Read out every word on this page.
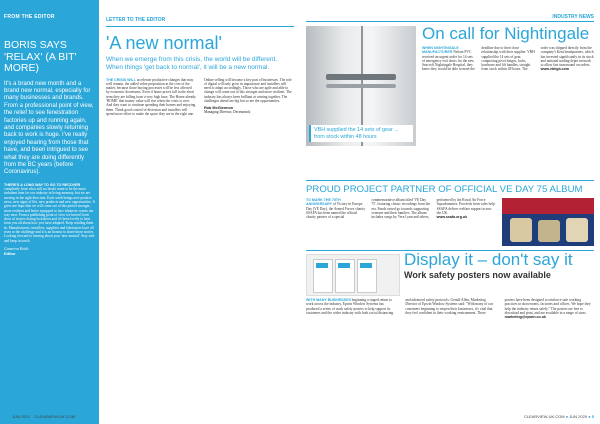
FROM THE EDITOR
BORIS SAYS 'RELAX' (A BIT' MORE)
It's a brand new month and a brand new normal, especially for many businesses and brands. From a professional point of view, the relief to see fenestration factories up and running again, and companies slowly returning back to work is huge. I've really enjoyed hearing from those that have, and been intrigued to see what they are doing differently from the BC years (before Coronavirus).

THERE'S A LONG WAY TO GO TO RECOVER completely from what will no doubt come to be the most turbulent time for our industry in living memory, but we are moving in the right direction. Each week brings new positive news, new signs of life, new products and new opportunities. It gives me hope that we will come out of this period stronger, more resilient and better equipped to face whatever comes our way next. From a publishing point of view we haven't been short of stories during lockdown and it's been lovely to hear from you all about how you have adapted. Keep sending them in. Manufacturers, installers, suppliers and fabricators have all risen to the challenge and it is an honour to share those stories. Looking forward to hearing about your 'new normal'. Stay safe and keep in touch.

Cameron Keith
Editor
LETTER TO THE EDITOR
'A new normal'
When we emerge from this crisis, the world will be different. When things 'get back to normal', it will be a new normal.

THE CRISIS WILL accelerate productive changes that may well remain, the added value proposition at the core of the matter, because those buying processes will be less affected by economic downturns. Even if home prices fall in the short term they are falling from a very high base. The Home already 'HOME' that money value will rise when the crisis is over. And they want to continue spending their homes and enjoying them. Think good control of diversion and installers will spend more effort to make the space they are in the right one. Online selling will become a key part of businesses. The role of digital will only grow in importance and installers will need to adapt accordingly. Those who are agile and able to change will come out of this stronger and more resilient. The industry has always been brilliant at coming together. The challenges ahead are big but so are the opportunities.

Rob McGlennon
Managing Director, Deceuninck
4 ● JUN 2020 ● CLEARVIEW-UK.COM
INDUSTRY NEWS
VBH supplied the 14 sets of gear ... from stock within 48 hours
On call for Nightingale

WHEN NIGHTINGALE MANUFACTURER Nelson PVC received an urgent order for 14 sets of emergency exit doors for the new Seacroft Nightingale Hospital, they knew they would be able to meet the deadline due to their close relationship with their supplier. VBH supplied the 14 sets of gear, comprising pivot hinges, locks, hardware and lift handles, straight from stock within 48 hours. The order was shipped directly from the company's Kent headquarters, which has invested significantly in its stock and national trading depot network to allow fast turnaround on orders.

www.vbhgb.com
PROUD PROJECT PARTNER OF OFFICIAL VE DAY 75 ALBUM

TO MARK THE 75TH ANNIVERSARY of Victory in Europe Day (VE Day), the Armed Forces charity SSAFA has been named the official charity partner of a special commemorative album titled 'VE Day 75', featuring classic recordings from the era. Funds raised go towards supporting veterans and their families. The album includes songs by Vera Lynn and others, performed by the Royal Air Force Squadronaires. Proceeds from sales help SSAFA deliver welfare support across the UK.

www.ssafa.org.uk
Display it – don't say it
Work safety posters now available

WITH MANY BUSINESSES beginning a staged return to work across the industry, Epwin Window Systems has produced a series of work safety posters to help support its customers and the wider industry with both social distancing and advanced safety protocols. Gerald Allen, Marketing Director of Epwin Window Systems said: "With many of our customers beginning to reopen their businesses, it's vital that they feel confident in their working environment. These posters have been designed to reinforce safe working practices in showrooms, factories and offices. We hope they help the industry return safely." The posters are free to download and print, and are available in a range of sizes.

marketing@epwin.co.uk
CLEARVIEW-UK.COM ● JUN 2020 ● 5
